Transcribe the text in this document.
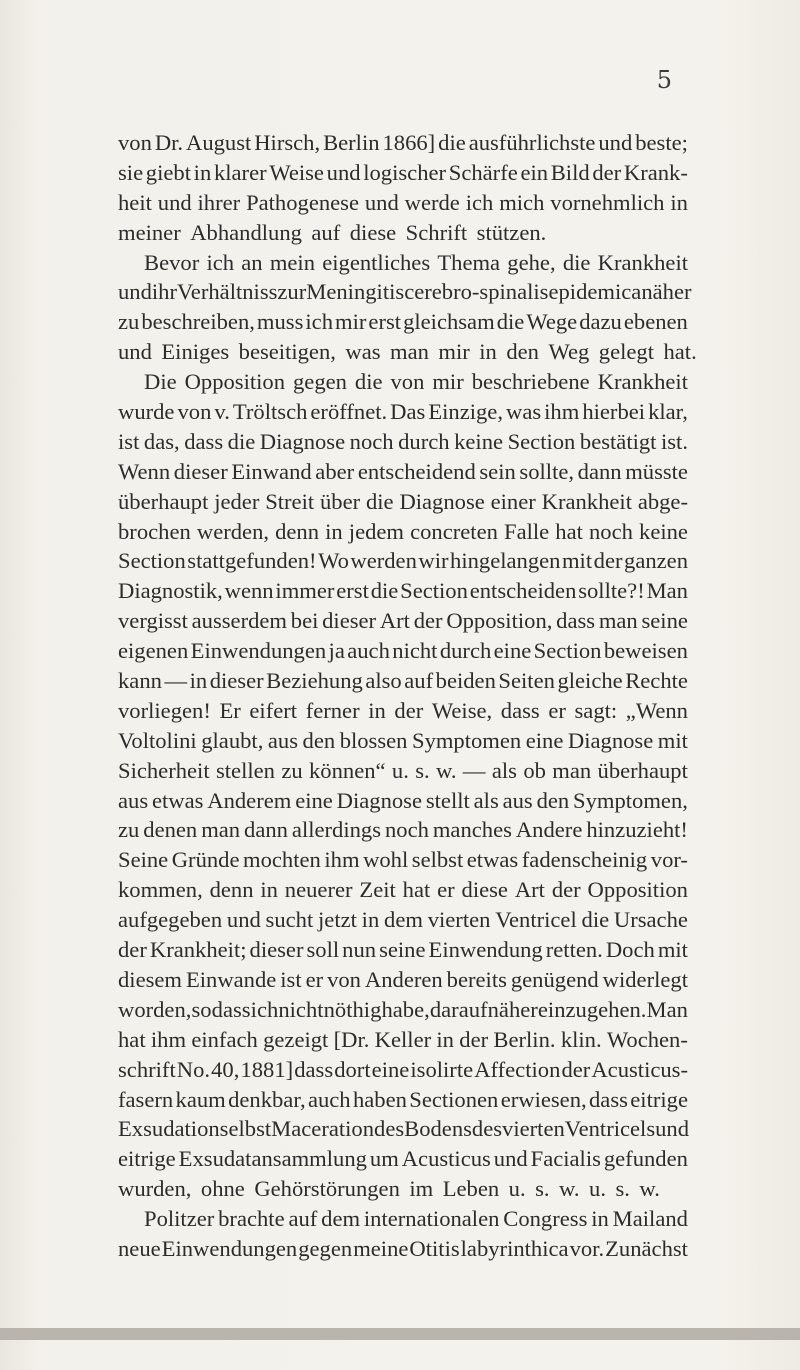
5
von Dr. August Hirsch, Berlin 1866] die ausführlichste und beste;
sie giebt in klarer Weise und logischer Schärfe ein Bild der Krank-
heit und ihrer Pathogenese und werde ich mich vornehmlich in
meiner Abhandlung auf diese Schrift stützen.
Bevor ich an mein eigentliches Thema gehe, die Krankheit
und ihr Verhältniss zur Meningitis cerebro-spinalis epidemica näher
zu beschreiben, muss ich mir erst gleichsam die Wege dazu ebenen
und Einiges beseitigen, was man mir in den Weg gelegt hat.
Die Opposition gegen die von mir beschriebene Krankheit
wurde von v. Tröltsch eröffnet. Das Einzige, was ihm hierbei klar,
ist das, dass die Diagnose noch durch keine Section bestätigt ist.
Wenn dieser Einwand aber entscheidend sein sollte, dann müsste
überhaupt jeder Streit über die Diagnose einer Krankheit abge-
brochen werden, denn in jedem concreten Falle hat noch keine
Section stattgefunden! Wo werden wir hingelangen mit der ganzen
Diagnostik, wenn immer erst die Section entscheiden sollte?! Man
vergisst ausserdem bei dieser Art der Opposition, dass man seine
eigenen Einwendungen ja auch nicht durch eine Section beweisen
kann — in dieser Beziehung also auf beiden Seiten gleiche Rechte
vorliegen! Er eifert ferner in der Weise, dass er sagt: „Wenn
Voltolini glaubt, aus den blossen Symptomen eine Diagnose mit
Sicherheit stellen zu können“ u. s. w. — als ob man überhaupt
aus etwas Anderem eine Diagnose stellt als aus den Symptomen,
zu denen man dann allerdings noch manches Andere hinzuzieht!
Seine Gründe mochten ihm wohl selbst etwas fadenscheinig vor-
kommen, denn in neuerer Zeit hat er diese Art der Opposition
aufgegeben und sucht jetzt in dem vierten Ventricel die Ursache
der Krankheit; dieser soll nun seine Einwendung retten. Doch mit
diesem Einwande ist er von Anderen bereits genügend widerlegt
worden, so dass ich nicht nöthig habe, darauf näher einzugehen. Man
hat ihm einfach gezeigt [Dr. Keller in der Berlin. klin. Wochen-
schrift No. 40, 1881] dass dort eine isolirte Affection der Acusticus-
fasern kaum denkbar, auch haben Sectionen erwiesen, dass eitrige
Exsudation selbst Maceration des Bodens des vierten Ventricels und
eitrige Exsudatansammlung um Acusticus und Facialis gefunden
wurden, ohne Gehörstörungen im Leben u. s. w. u. s. w.
Politzer brachte auf dem internationalen Congress in Mailand
neue Einwendungen gegen meine Otitis labyrinthica vor. Zunächst
